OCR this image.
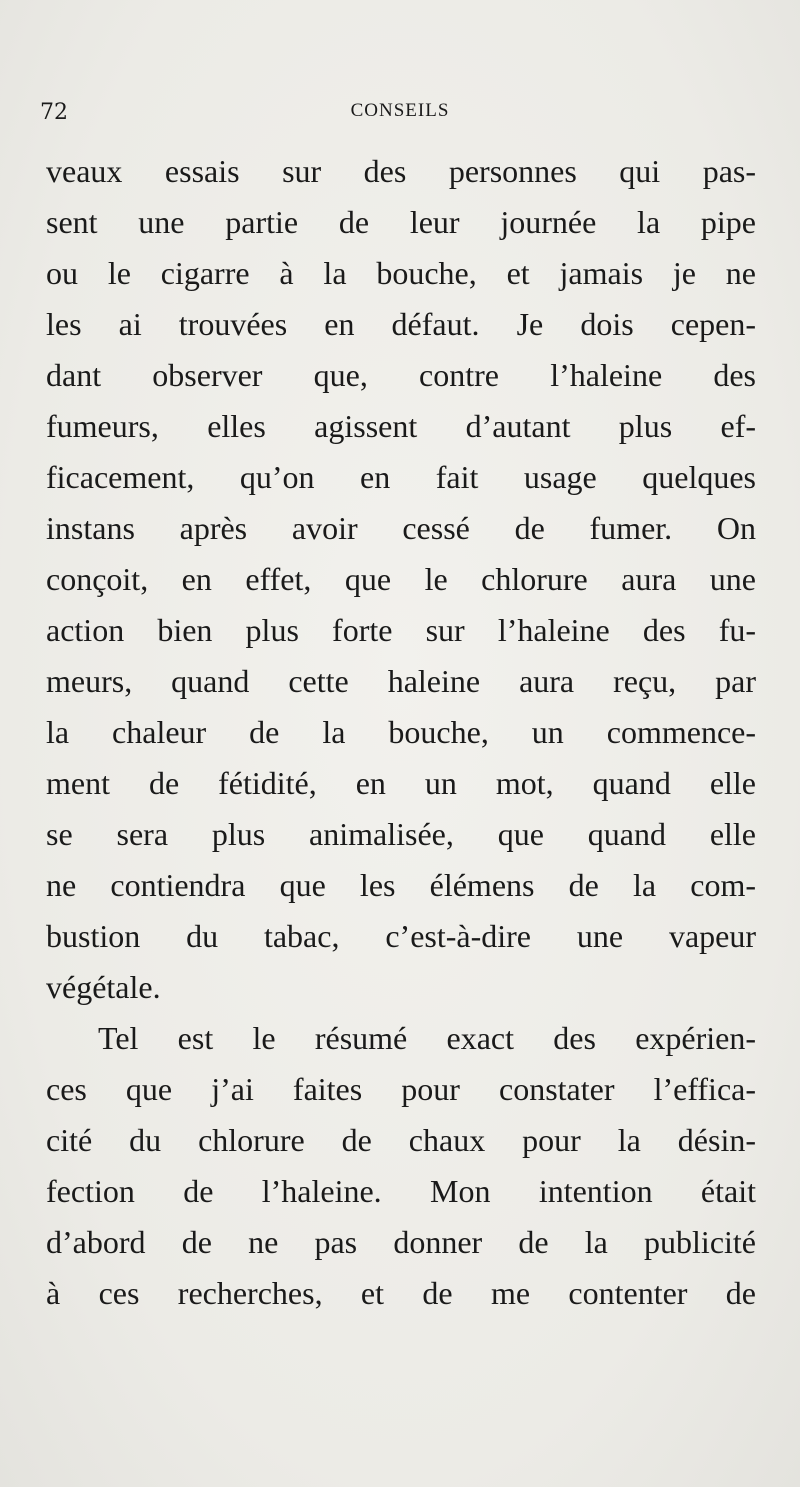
72	CONSEILS
veaux essais sur des personnes qui pas-
sent une partie de leur journée la pipe
ou le cigarre à la bouche, et jamais je ne
les ai trouvées en défaut. Je dois cepen-
dant observer que, contre l’haleine des
fumeurs, elles agissent d’autant plus ef-
ficacement, qu’on en fait usage quelques
instans après avoir cessé de fumer. On
conçoit, en effet, que le chlorure aura une
action bien plus forte sur l’haleine des fu-
meurs, quand cette haleine aura reçu, par
la chaleur de la bouche, un commence-
ment de fétidité, en un mot, quand elle
se sera plus animalisée, que quand elle
ne contiendra que les élémens de la com-
bustion du tabac, c’est-à-dire une vapeur
végétale.
Tel est le résumé exact des expérien-
ces que j’ai faites pour constater l’effica-
cité du chlorure de chaux pour la désin-
fection de l’haleine. Mon intention était
d’abord de ne pas donner de la publicité
à ces recherches, et de me contenter de
